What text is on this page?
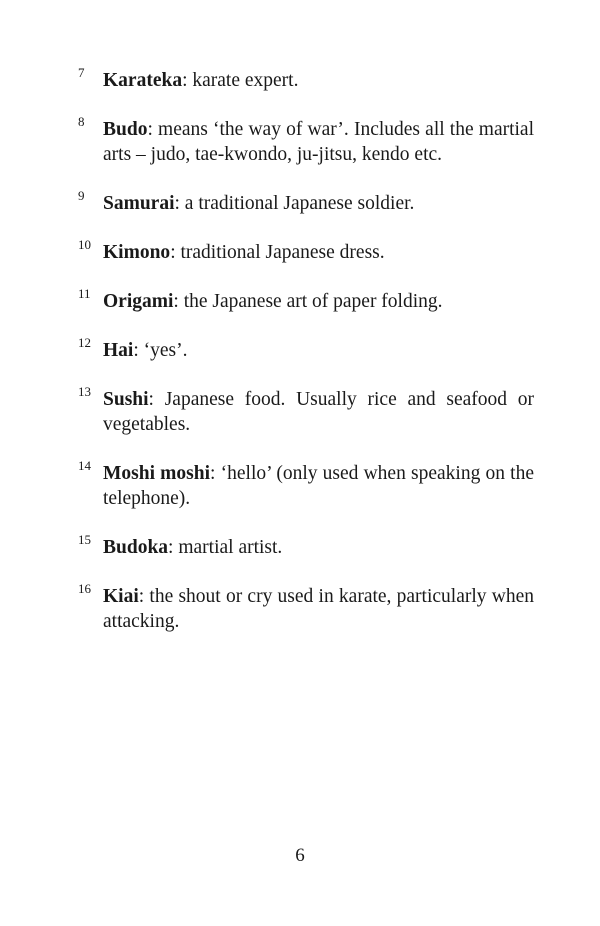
7 Karateka: karate expert.
8 Budo: means ‘the way of war’. Includes all the martial arts – judo, tae-kwondo, ju-jitsu, kendo etc.
9 Samurai: a traditional Japanese soldier.
10 Kimono: traditional Japanese dress.
11 Origami: the Japanese art of paper folding.
12 Hai: ‘yes’.
13 Sushi: Japanese food. Usually rice and seafood or vegetables.
14 Moshi moshi: ‘hello’ (only used when speaking on the telephone).
15 Budoka: martial artist.
16 Kiai: the shout or cry used in karate, particularly when attacking.
6
